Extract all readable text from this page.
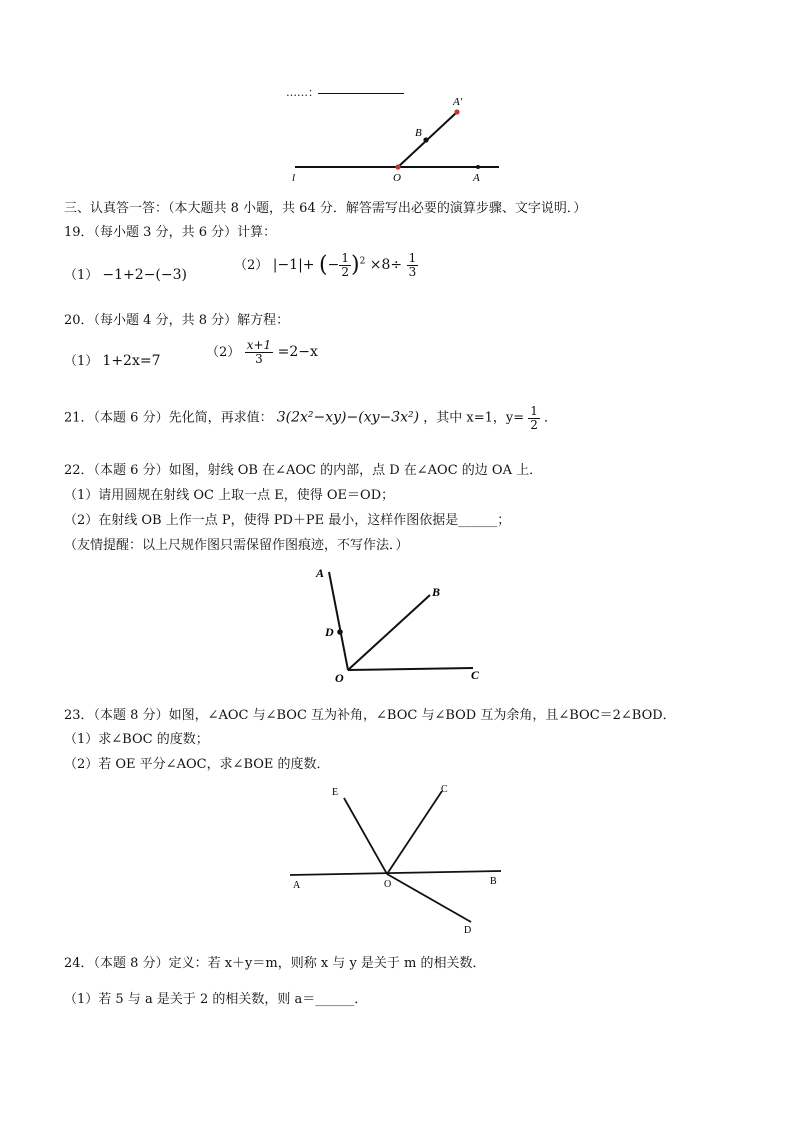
……：
A′
B
l	O	A
三、认真答一答：（本大题共 8 小题，共 64 分．解答需写出必要的演算步骤、文字说明．）
19．（每小题 3 分，共 6 分）计算：
（1） −1+2−(−3)
（2） |−1|+ (− $\frac{1}{2} )^2 \times 8\div \frac{1}{3}$
20．（每小题 4 分，共 8 分）解方程：
（1） 1+2x=7
$(2) \frac{x+1}{3} =2-x$
21．（本题 6 分）先化简，再求值： 3(2x²−xy)−(xy−3x²) ，其中 x=1，$y= \frac{1}{2}$ ．
22．（本题 6 分）如图，射线 OB 在∠AOC 的内部，点 D 在∠AOC 的边 OA 上．
（1）请用圆规在射线 OC 上取一点 E，使得 OE＝OD；
（2）在射线 OB 上作一点 P，使得 PD＋PE 最小，这样作图依据是______；
（友情提醒：以上尺规作图只需保留作图痕迹，不写作法．）
A
B
D
O	C
23．（本题 8 分）如图，∠AOC 与∠BOC 互为补角，∠BOC 与∠BOD 互为余角，且∠BOC＝2∠BOD．
（1）求∠BOC 的度数；
（2）若 OE 平分∠AOC，求∠BOE 的度数．
E	C
A	O	B
D
24．（本题 8 分）定义：若 x＋y＝m，则称 x 与 y 是关于 m 的相关数．
（1）若 5 与 a 是关于 2 的相关数，则 a＝______．
